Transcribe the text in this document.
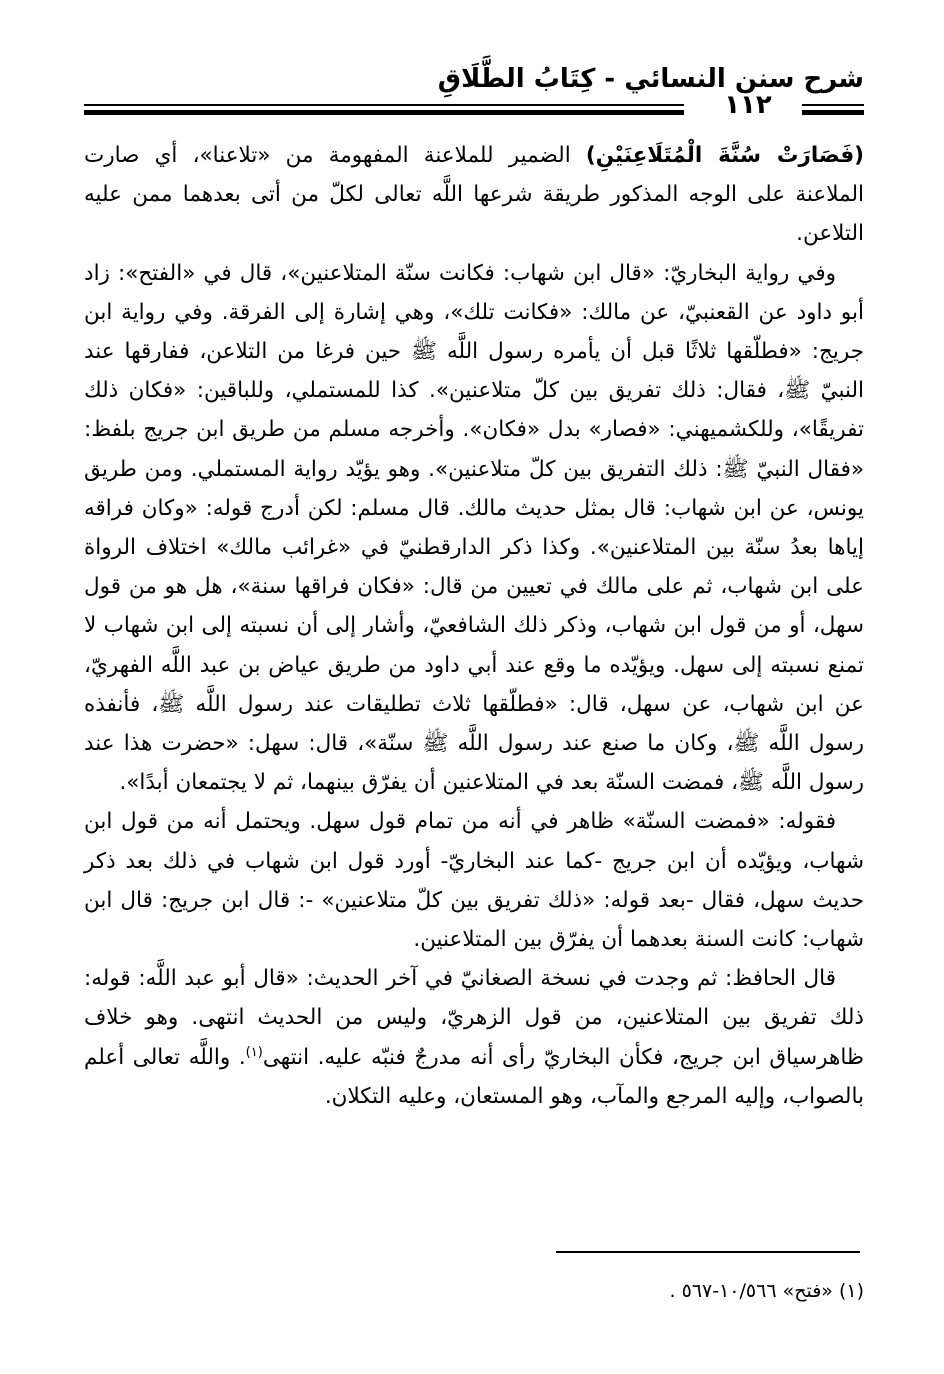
شرح سنن النسائي - كِتَابُ الطَّلَاقِ
١١٢

(فَصَارَتْ سُنَّةَ الْمُتَلَاعِنَيْنِ) الضمير للملاعنة المفهومة من «تلاعنا»، أي صارت الملاعنة على الوجه المذكور طريقة شرعها اللَّه تعالى لكلّ من أتى بعدهما ممن عليه التلاعن.

وفي رواية البخاريّ: «قال ابن شهاب: فكانت سنّة المتلاعنين»، قال في «الفتح»: زاد أبو داود عن القعنبيّ، عن مالك: «فكانت تلك»، وهي إشارة إلى الفرقة. وفي رواية ابن جريج: «فطلّقها ثلاثًا قبل أن يأمره رسول اللَّه ﷺ حين فرغا من التلاعن، ففارقها عند النبيّ ﷺ، فقال: ذلك تفريق بين كلّ متلاعنين». كذا للمستملي، وللباقين: «فكان ذلك تفريقًا»، وللكشميهني: «فصار» بدل «فكان». وأخرجه مسلم من طريق ابن جريج بلفظ: «فقال النبيّ ﷺ: ذلك التفريق بين كلّ متلاعنين». وهو يؤيّد رواية المستملي. ومن طريق يونس، عن ابن شهاب: قال بمثل حديث مالك. قال مسلم: لكن أدرج قوله: «وكان فراقه إياها بعدُ سنّة بين المتلاعنين». وكذا ذكر الدارقطنيّ في «غرائب مالك» اختلاف الرواة على ابن شهاب، ثم على مالك في تعيين من قال: «فكان فراقها سنة»، هل هو من قول سهل، أو من قول ابن شهاب، وذكر ذلك الشافعيّ، وأشار إلى أن نسبته إلى ابن شهاب لا تمنع نسبته إلى سهل. ويؤيّده ما وقع عند أبي داود من طريق عياض بن عبد اللَّه الفهريّ، عن ابن شهاب، عن سهل، قال: «فطلّقها ثلاث تطليقات عند رسول اللَّه ﷺ، فأنفذه رسول اللَّه ﷺ، وكان ما صنع عند رسول اللَّه ﷺ سنّة»، قال: سهل: «حضرت هذا عند رسول اللَّه ﷺ، فمضت السنّة بعد في المتلاعنين أن يفرّق بينهما، ثم لا يجتمعان أبدًا».

فقوله: «فمضت السنّة» ظاهر في أنه من تمام قول سهل. ويحتمل أنه من قول ابن شهاب، ويؤيّده أن ابن جريج -كما عند البخاريّ- أورد قول ابن شهاب في ذلك بعد ذكر حديث سهل، فقال -بعد قوله: «ذلك تفريق بين كلّ متلاعنين» -: قال ابن جريج: قال ابن شهاب: كانت السنة بعدهما أن يفرّق بين المتلاعنين.

قال الحافظ: ثم وجدت في نسخة الصغانيّ في آخر الحديث: «قال أبو عبد اللَّه: قوله: ذلك تفريق بين المتلاعنين، من قول الزهريّ، وليس من الحديث انتهى. وهو خلاف ظاهرسياق ابن جريج، فكأن البخاريّ رأى أنه مدرجٌ فنبّه عليه. انتهى$^{(١)}$. واللَّه تعالى أعلم بالصواب، وإليه المرجع والمآب، وهو المستعان، وعليه التكلان.

(١) «فتح» ١٠/٥٦٦-٥٦٧ .
